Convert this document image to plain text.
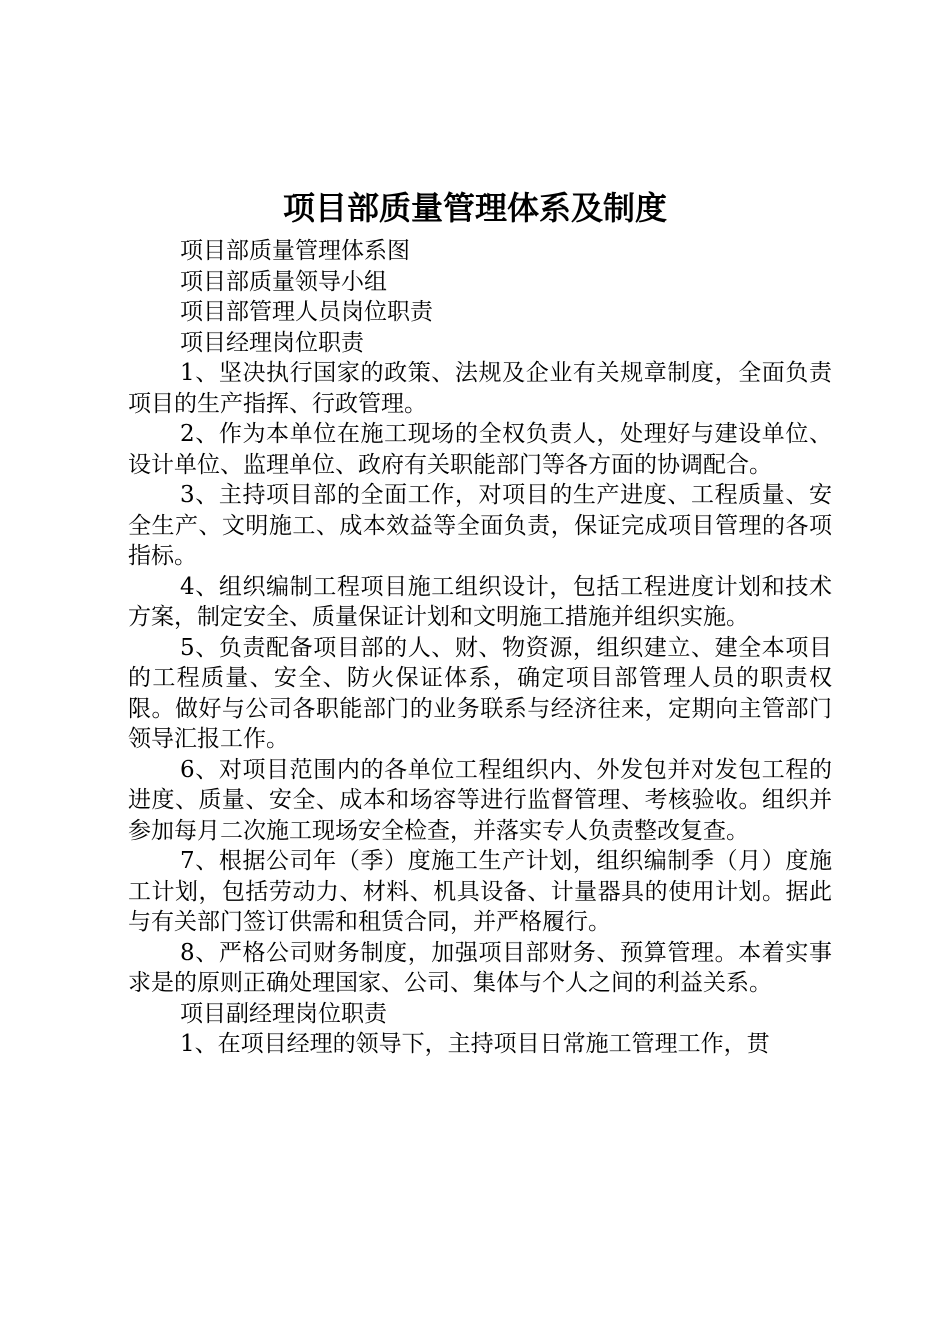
项目部质量管理体系及制度

项目部质量管理体系图

项目部质量领导小组

项目部管理人员岗位职责

项目经理岗位职责

1、坚决执行国家的政策、法规及企业有关规章制度，全面负责项目的生产指挥、行政管理。

2、作为本单位在施工现场的全权负责人，处理好与建设单位、设计单位、监理单位、政府有关职能部门等各方面的协调配合。

3、主持项目部的全面工作，对项目的生产进度、工程质量、安全生产、文明施工、成本效益等全面负责，保证完成项目管理的各项指标。

4、组织编制工程项目施工组织设计，包括工程进度计划和技术方案，制定安全、质量保证计划和文明施工措施并组织实施。

5、负责配备项目部的人、财、物资源，组织建立、建全本项目的工程质量、安全、防火保证体系，确定项目部管理人员的职责权限。做好与公司各职能部门的业务联系与经济往来，定期向主管部门领导汇报工作。

6、对项目范围内的各单位工程组织内、外发包并对发包工程的进度、质量、安全、成本和场容等进行监督管理、考核验收。组织并参加每月二次施工现场安全检查，并落实专人负责整改复查。

7、根据公司年（季）度施工生产计划，组织编制季（月）度施工计划，包括劳动力、材料、机具设备、计量器具的使用计划。据此与有关部门签订供需和租赁合同，并严格履行。

8、严格公司财务制度，加强项目部财务、预算管理。本着实事求是的原则正确处理国家、公司、集体与个人之间的利益关系。

项目副经理岗位职责

1、在项目经理的领导下，主持项目日常施工管理工作，贯
